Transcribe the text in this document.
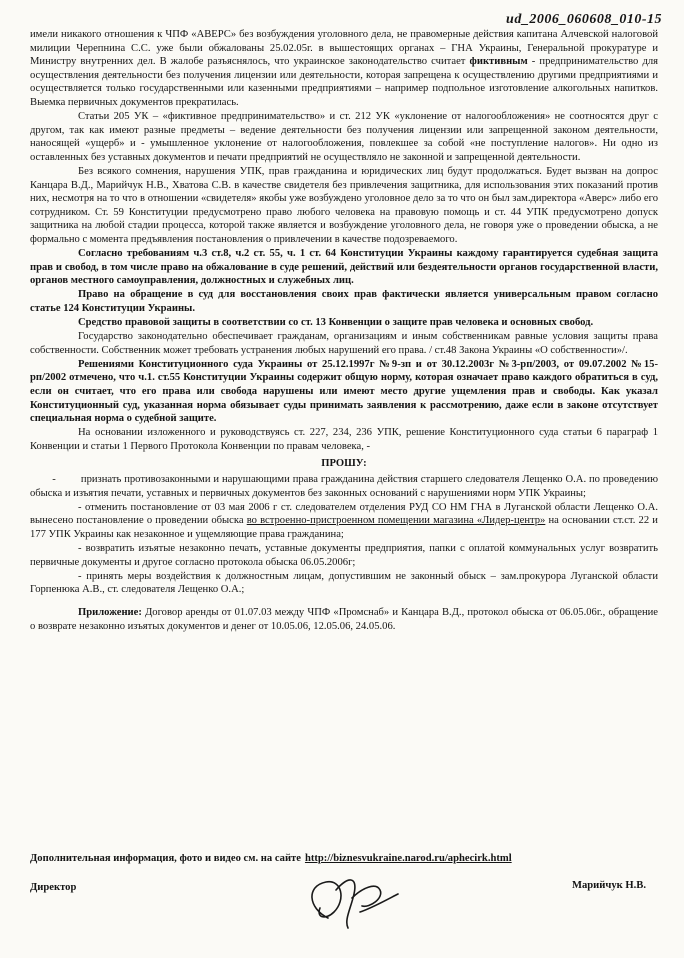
ud_2006_060608_010-15

имели никакого отношения к ЧПФ «АВЕРС» без возбуждения уголовного дела, не правомерные действия капитана Алчевской налоговой милиции Черепнина С.С. уже были обжалованы 25.02.05г. в вышестоящих органах – ГНА Украины, Генеральной прокуратуре и Министру внутренних дел. В жалобе разъяснялось, что украинское законодательство считает фиктивным - предпринимательство для осуществления деятельности без получения лицензии или деятельности, которая запрещена к осуществлению другими предприятиями и осуществляется только государственными или казенными предприятиями – например подпольное изготовление алкогольных напитков. Выемка первичных документов прекратилась.

Статьи 205 УК – «фиктивное предпринимательство» и ст. 212 УК «уклонение от налогообложения» не соотносятся друг с другом, так как имеют разные предметы – ведение деятельности без получения лицензии или запрещенной законом деятельности, наносящей «ущерб» и - умышленное уклонение от налогообложения, повлекшее за собой «не поступление налогов». Ни одно из оставленных без уставных документов и печати предприятий не осуществляло не законной и запрещенной деятельности.

Без всякого сомнения, нарушения УПК, прав гражданина и юридических лиц будут продолжаться. Будет вызван на допрос Канцара В.Д., Марийчук Н.В., Хватова С.В. в качестве свидетеля без привлечения защитника, для использования этих показаний против них, несмотря на то что в отношении «свидетеля» якобы уже возбуждено уголовное дело за то что он был зам.директора «Аверс» либо его сотрудником. Ст. 59 Конституции предусмотрено право любого человека на правовую помощь и ст. 44 УПК предусмотрено допуск защитника на любой стадии процесса, которой также является и возбуждение уголовного дела, не говоря уже о проведении обыска, а не формально с момента предъявления постановления о привлечении в качестве подозреваемого.

Согласно требованиям ч.3 ст.8, ч.2 ст. 55, ч. 1 ст. 64 Конституции Украины каждому гарантируется судебная защита прав и свобод, в том числе право на обжалование в суде решений, действий или бездеятельности органов государственной власти, органов местного самоуправления, должностных и служебных лиц.

Право на обращение в суд для восстановления своих прав фактически является универсальным правом согласно статье 124 Конституции Украины.

Средство правовой защиты в соответствии со ст. 13 Конвенции о защите прав человека и основных свобод.

Государство законодательно обеспечивает гражданам, организациям и иным собственникам равные условия защиты права собственности. Собственник может требовать устранения любых нарушений его права. / ст.48 Закона Украины «О собственности»/.

Решениями Конституционного суда Украины от 25.12.1997г №9-зп и от 30.12.2003г №3-рп/2003, от 09.07.2002 №15-рп/2002 отмечено, что ч.1. ст.55 Конституции Украины содержит общую норму, которая означает право каждого обратиться в суд, если он считает, что его права или свобода нарушены или имеют место другие ущемления прав и свободы. Как указал Конституционный суд, указанная норма обязывает суды принимать заявления к рассмотрению, даже если в законе отсутствует специальная норма о судебной защите.

На основании изложенного и руководствуясь ст. 227, 234, 236 УПК, решение Конституционного суда статьи 6 параграф 1 Конвенции и статьи 1 Первого Протокола Конвенции по правам человека, -

ПРОШУ:

- признать противозаконными и нарушающими права гражданина действия старшего следователя Лещенко О.А. по проведению обыска и изъятия печати, уставных и первичных документов без законных оснований с нарушениями норм УПК Украины;

- отменить постановление от 03 мая 2006 г ст. следователем отделения РУД СО НМ ГНА в Луганской области Лещенко О.А. вынесено постановление о проведении обыска во встроенно-пристроенном помещении магазина «Лидер-центр» на основании ст.ст. 22 и 177 УПК Украины как незаконное и ущемляющие права гражданина;

- возвратить изъятые незаконно печать, уставные документы предприятия, папки с оплатой коммунальных услуг возвратить первичные документы и другое согласно протокола обыска 06.05.2006г;

- принять меры воздействия к должностным лицам, допустившим не законный обыск – зам.прокурора Луганской области Горпенюка А.В., ст. следователя Лещенко О.А.;

Приложение: Договор аренды от 01.07.03 между ЧПФ «Промснаб» и Канцара В.Д., протокол обыска от 06.05.06г., обращение о возврате незаконно изъятых документов и денег от 10.05.06, 12.05.06, 24.05.06.

Дополнительная информация, фото и видео см. на сайте http://biznesvukraine.narod.ru/aphecirk.html
Директор	Марийчук Н.В.
